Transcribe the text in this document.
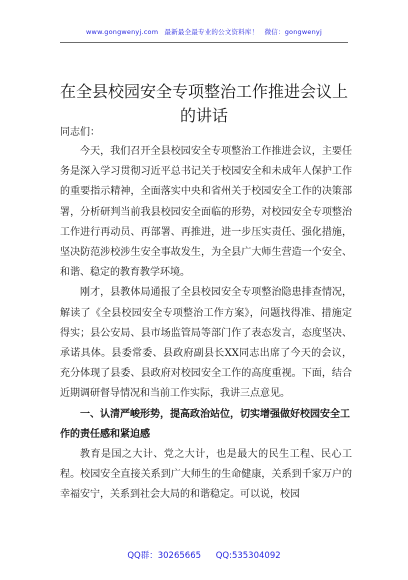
www.gongwenyj.com 最新最全最专业的公文资料库！ 微信：gongwenyj
在全县校园安全专项整治工作推进会议上的讲话

同志们：

今天，我们召开全县校园安全专项整治工作推进会议，主要任务是深入学习贯彻习近平总书记关于校园安全和未成年人保护工作的重要指示精神，全面落实中央和省州关于校园安全工作的决策部署，分析研判当前我县校园安全面临的形势，对校园安全专项整治工作进行再动员、再部署、再推进，进一步压实责任、强化措施，坚决防范涉校涉生安全事故发生，为全县广大师生营造一个安全、和谐、稳定的教育教学环境。

刚才，县教体局通报了全县校园安全专项整治隐患排查情况，解读了《全县校园安全专项整治工作方案》，问题找得准、措施定得实；县公安局、县市场监管局等部门作了表态发言，态度坚决、承诺具体。县委常委、县政府副县长XX同志出席了今天的会议，充分体现了县委、县政府对校园安全工作的高度重视。下面，结合近期调研督导情况和当前工作实际，我讲三点意见。

一、认清严峻形势，提高政治站位，切实增强做好校园安全工作的责任感和紧迫感

教育是国之大计、党之大计，也是最大的民生工程、民心工程。校园安全直接关系到广大师生的生命健康，关系到千家万户的幸福安宁，关系到社会大局的和谐稳定。可以说，校园

QQ群：30265665 QQ:535304092
